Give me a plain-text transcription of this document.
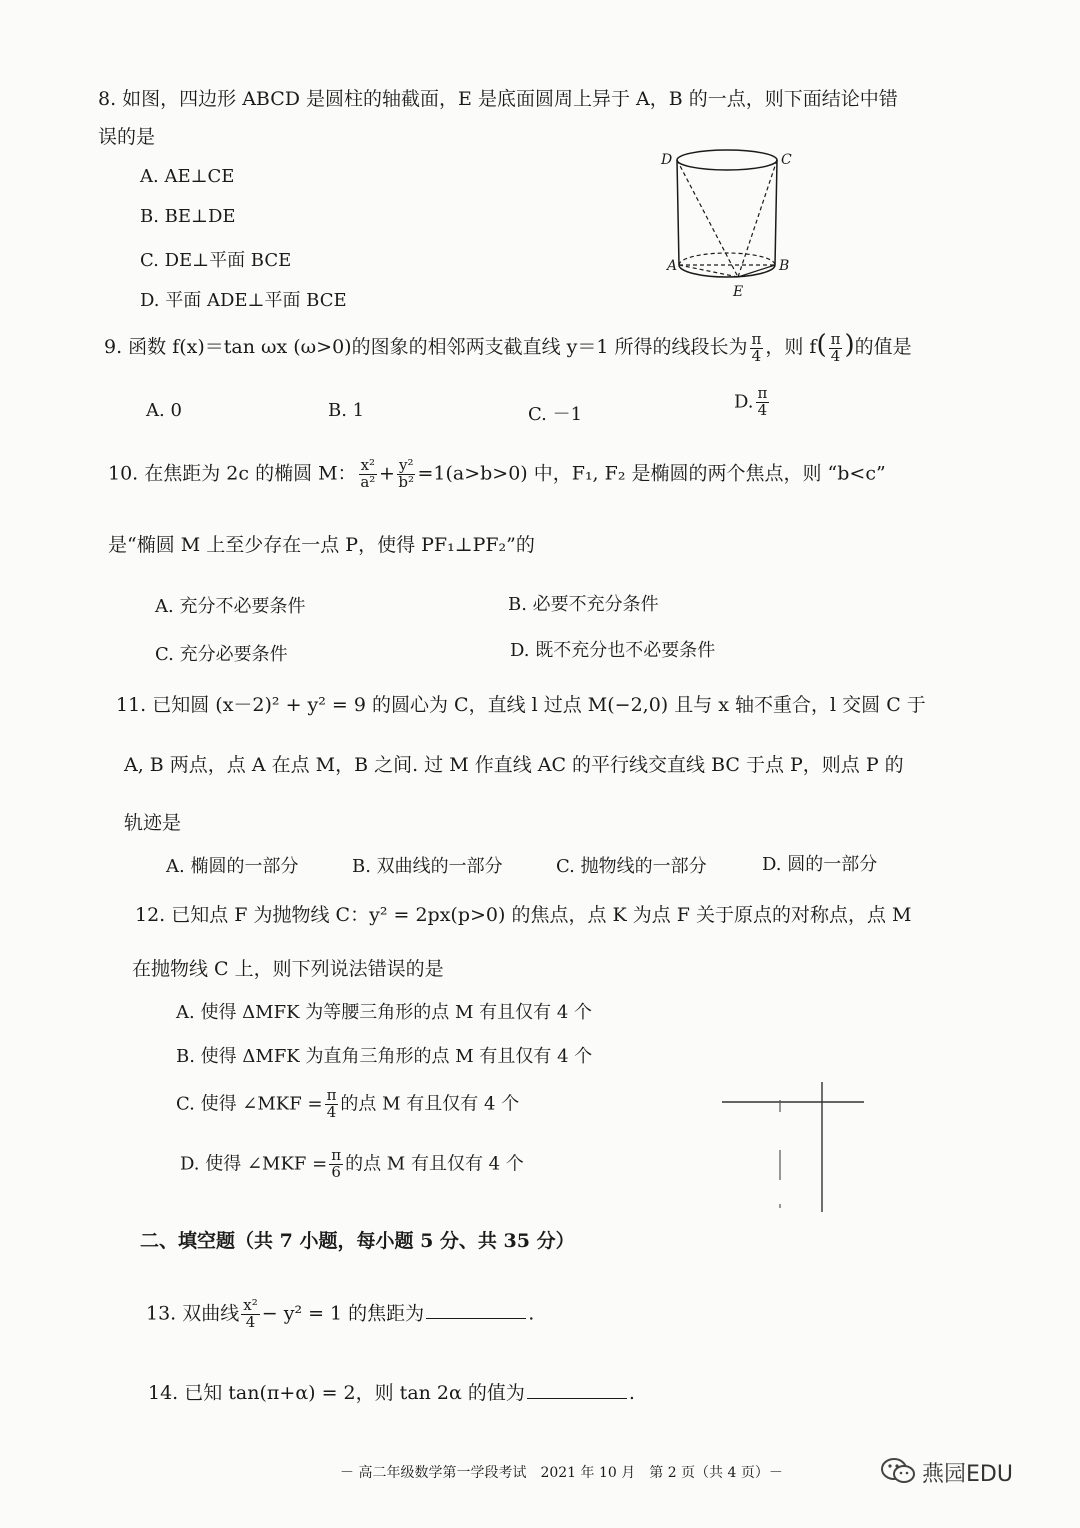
8. 如图，四边形 ABCD 是圆柱的轴截面，E 是底面圆周上异于 A，B 的一点，则下面结论中错
误的是
A. AE⊥CE
B. BE⊥DE
C. DE⊥平面 BCE
D. 平面 ADE⊥平面 BCE
D	C
A	B
E
9. 函数 f(x)＝tan ωx (ω>0)的图象的相邻两支截直线 y＝1 所得的线段长为 $\frac{\pi}{4}$ ，则 $f( \frac{\pi}{4}$ )的值是
A. 0	B. 1	C. －1
D. $\frac{\pi}{4}$
10. 在焦距为 2c 的椭圆 M： $\frac{\text{x²}}{\text{a²}} + \frac{\text{y²}}{\text{b²}} =1(a>b>0)$ 中，F₁, F₂ 是椭圆的两个焦点，则 “b<c”
是“椭圆 M 上至少存在一点 P，使得 PF₁⊥PF₂”的
A. 充分不必要条件	B. 必要不充分条件
C. 充分必要条件	D. 既不充分也不必要条件
11. 已知圆 (x－2)² + y² = 9 的圆心为 C，直线 l 过点 M(−2,0) 且与 x 轴不重合，l 交圆 C 于
A, B 两点，点 A 在点 M，B 之间. 过 M 作直线 AC 的平行线交直线 BC 于点 P，则点 P 的
轨迹是
A. 椭圆的一部分	B. 双曲线的一部分	C. 抛物线的一部分	D. 圆的一部分
12. 已知点 F 为抛物线 C：y² = 2px(p>0) 的焦点，点 K 为点 F 关于原点的对称点，点 M
在抛物线 C 上，则下列说法错误的是
A. 使得 ΔMFK 为等腰三角形的点 M 有且仅有 4 个
B. 使得 ΔMFK 为直角三角形的点 M 有且仅有 4 个
C. 使得 ∠MKF = $\frac{\pi}{4}$ 的点 M 有且仅有 4 个
D. 使得 ∠MKF = $\frac{\pi}{6}$ 的点 M 有且仅有 4 个
二、填空题（共 7 小题，每小题 5 分、共 35 分）
13. 双曲线 $\frac{\text{x²}}{4} - y^2 = 1$ 的焦距为	.
14. 已知 tan(π+α) = 2，则 tan 2α 的值为	.
－ 高二年级数学第一学段考试　2021 年 10 月　第 2 页（共 4 页）－	燕园EDU
